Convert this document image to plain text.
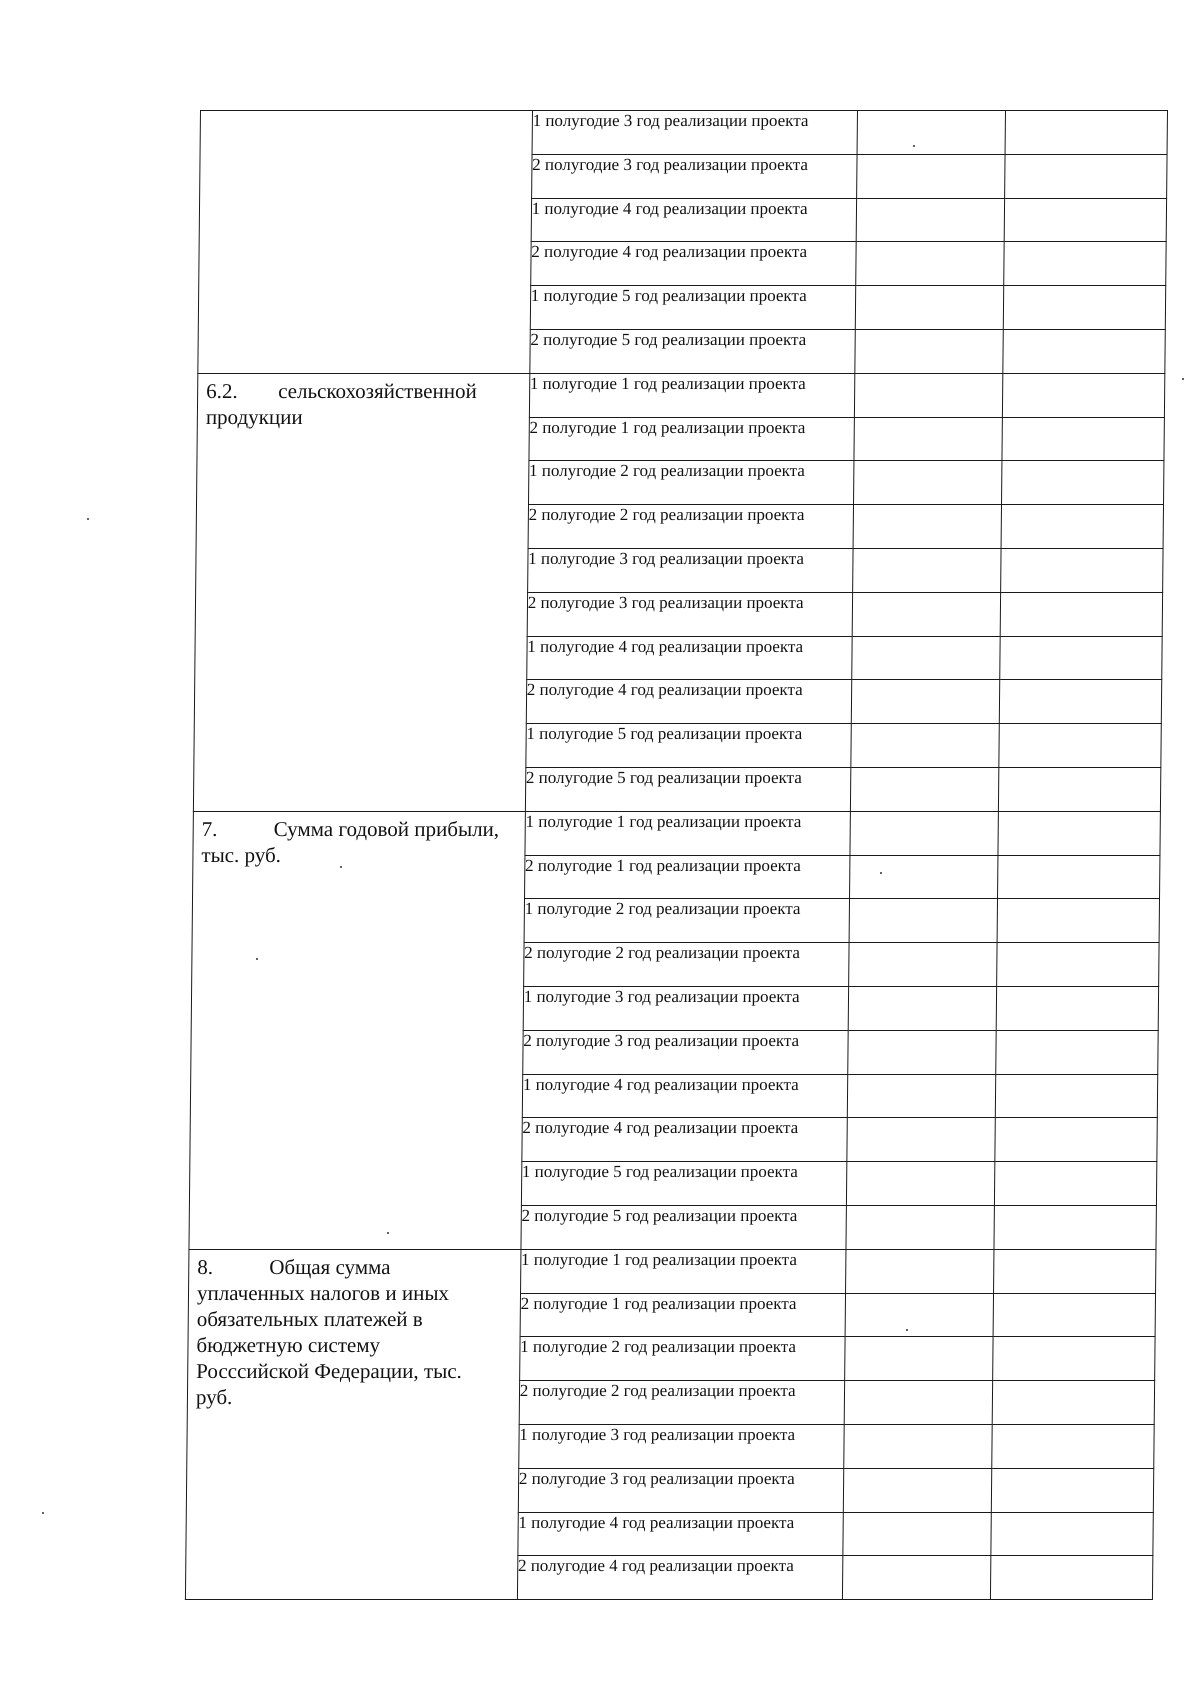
	1 полугодие 3 год реализации проекта		
	2 полугодие 3 год реализации проекта		
	1 полугодие 4 год реализации проекта		
	2 полугодие 4 год реализации проекта		
	1 полугодие 5 год реализации проекта		
	2 полугодие 5 год реализации проекта		

6.2. сельскохозяйственной продукции	1 полугодие 1 год реализации проекта		
	2 полугодие 1 год реализации проекта		
	1 полугодие 2 год реализации проекта		
	2 полугодие 2 год реализации проекта		
	1 полугодие 3 год реализации проекта		
	2 полугодие 3 год реализации проекта		
	1 полугодие 4 год реализации проекта		
	2 полугодие 4 год реализации проекта		
	1 полугодие 5 год реализации проекта		
	2 полугодие 5 год реализации проекта		

7. Сумма годовой прибыли, тыс. руб.	1 полугодие 1 год реализации проекта		
	2 полугодие 1 год реализации проекта		
	1 полугодие 2 год реализации проекта		
	2 полугодие 2 год реализации проекта		
	1 полугодие 3 год реализации проекта		
	2 полугодие 3 год реализации проекта		
	1 полугодие 4 год реализации проекта		
	2 полугодие 4 год реализации проекта		
	1 полугодие 5 год реализации проекта		
	2 полугодие 5 год реализации проекта		

8. Общая сумма уплаченных налогов и иных обязательных платежей в бюджетную систему Росссийской Федерации, тыс. руб.	1 полугодие 1 год реализации проекта		
	2 полугодие 1 год реализации проекта		
	1 полугодие 2 год реализации проекта		
	2 полугодие 2 год реализации проекта		
	1 полугодие 3 год реализации проекта		
	2 полугодие 3 год реализации проекта		
	1 полугодие 4 год реализации проекта		
	2 полугодие 4 год реализации проекта		
